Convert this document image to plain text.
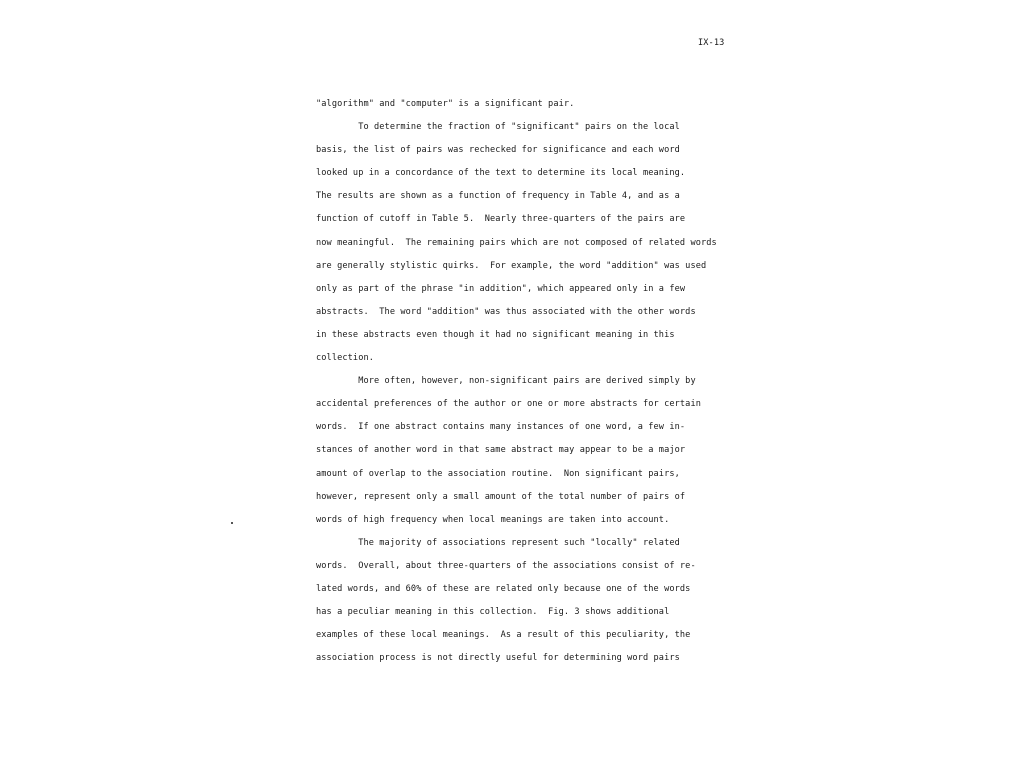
IX-13
"algorithm" and "computer" is a significant pair.
To determine the fraction of "significant" pairs on the local
basis, the list of pairs was rechecked for significance and each word
looked up in a concordance of the text to determine its local meaning.
The results are shown as a function of frequency in Table 4, and as a
function of cutoff in Table 5.  Nearly three-quarters of the pairs are
now meaningful.  The remaining pairs which are not composed of related words
are generally stylistic quirks.  For example, the word "addition" was used
only as part of the phrase "in addition", which appeared only in a few
abstracts.  The word "addition" was thus associated with the other words
in these abstracts even though it had no significant meaning in this
collection.
More often, however, non-significant pairs are derived simply by
accidental preferences of the author or one or more abstracts for certain
words.  If one abstract contains many instances of one word, a few in-
stances of another word in that same abstract may appear to be a major
amount of overlap to the association routine.  Non significant pairs,
however, represent only a small amount of the total number of pairs of
words of high frequency when local meanings are taken into account.
The majority of associations represent such "locally" related
words.  Overall, about three-quarters of the associations consist of re-
lated words, and 60% of these are related only because one of the words
has a peculiar meaning in this collection.  Fig. 3 shows additional
examples of these local meanings.  As a result of this peculiarity, the
association process is not directly useful for determining word pairs
